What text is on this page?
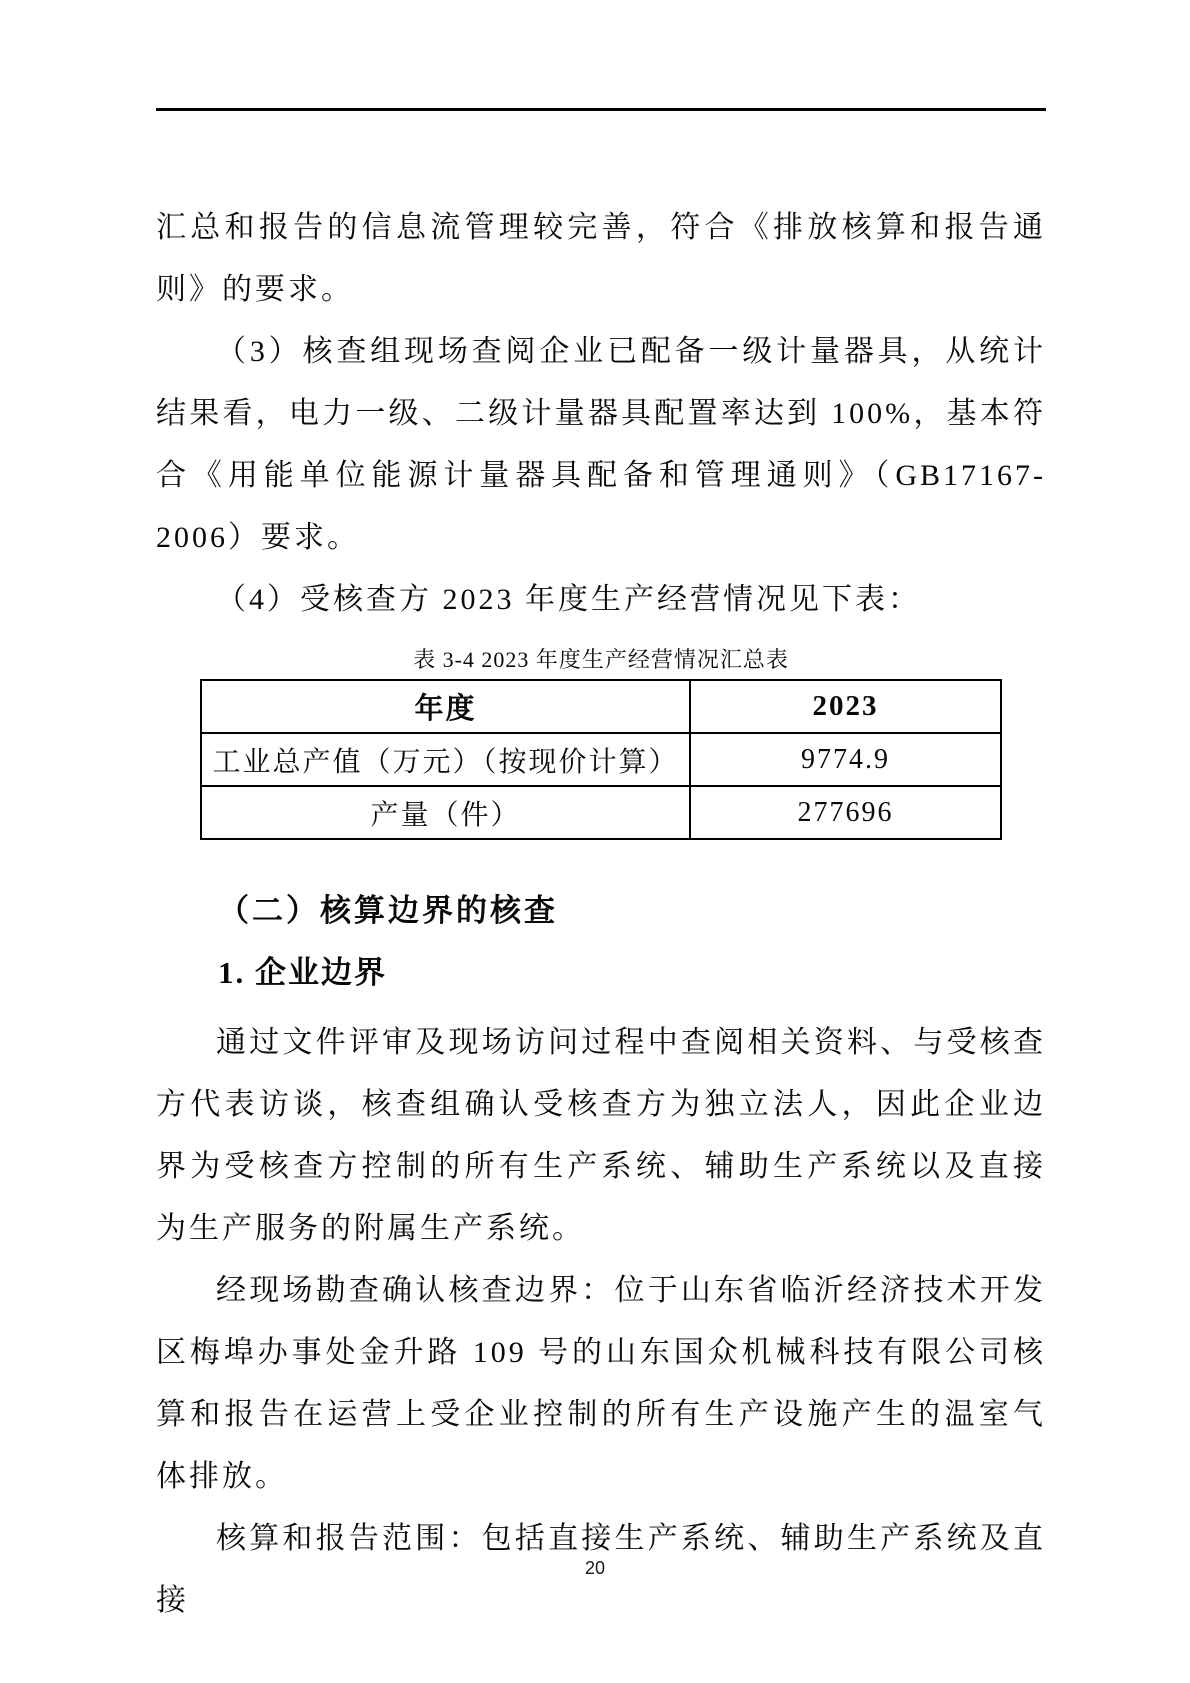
汇总和报告的信息流管理较完善，符合《排放核算和报告通则》的要求。

（3）核查组现场查阅企业已配备一级计量器具，从统计结果看，电力一级、二级计量器具配置率达到 100%，基本符合《用能单位能源计量器具配备和管理通则》（GB17167-2006）要求。

（4）受核查方 2023 年度生产经营情况见下表：

表 3-4 2023 年度生产经营情况汇总表
年度	2023
工业总产值（万元）（按现价计算）	9774.9
产量（件）	277696
（二）核算边界的核查
1. 企业边界

通过文件评审及现场访问过程中查阅相关资料、与受核查方代表访谈，核查组确认受核查方为独立法人，因此企业边界为受核查方控制的所有生产系统、辅助生产系统以及直接为生产服务的附属生产系统。

经现场勘查确认核查边界：位于山东省临沂经济技术开发区梅埠办事处金升路 109 号的山东国众机械科技有限公司核算和报告在运营上受企业控制的所有生产设施产生的温室气体排放。

核算和报告范围：包括直接生产系统、辅助生产系统及直接

20
